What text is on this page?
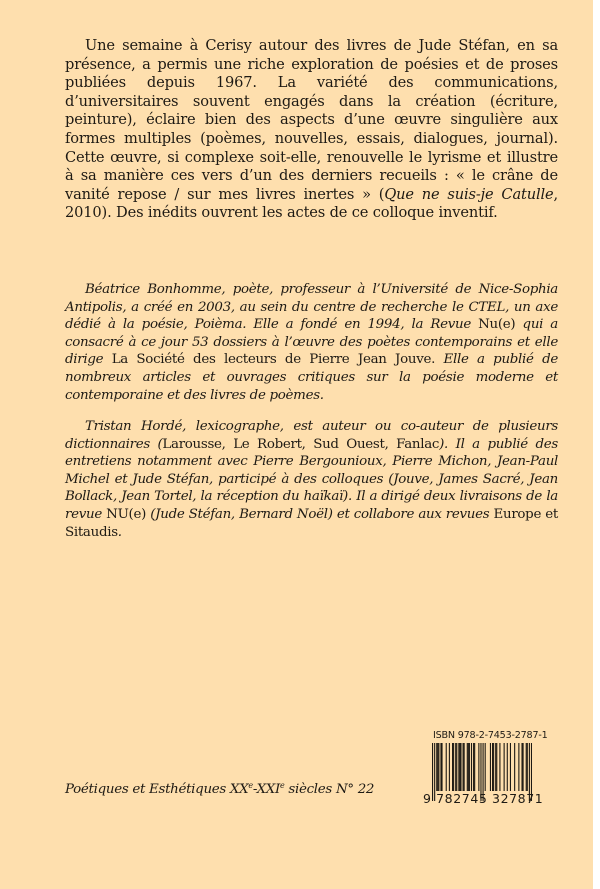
Une semaine à Cerisy autour des livres de Jude Stéfan, en sa présence, a permis une riche exploration de poésies et de proses publiées depuis 1967. La variété des communications, d’universitaires souvent engagés dans la création (écriture, peinture), éclaire bien des aspects d’une œuvre singulière aux formes multiples (poèmes, nouvelles, essais, dialogues, journal). Cette œuvre, si complexe soit-elle, renouvelle le lyrisme et illustre à sa manière ces vers d’un des derniers recueils : « le crâne de vanité repose / sur mes livres inertes » (Que ne suis-je Catulle, 2010). Des inédits ouvrent les actes de ce colloque inventif.

Béatrice Bonhomme, poète, professeur à l’Université de Nice-Sophia Antipolis, a créé en 2003, au sein du centre de recherche le CTEL, un axe dédié à la poésie, Poièma. Elle a fondé en 1994, la Revue Nu(e) qui a consacré à ce jour 53 dossiers à l’œuvre des poètes contemporains et elle dirige La Société des lecteurs de Pierre Jean Jouve. Elle a publié de nombreux articles et ouvrages critiques sur la poésie moderne et contemporaine et des livres de poèmes.

Tristan Hordé, lexicographe, est auteur ou co-auteur de plusieurs dictionnaires (Larousse, Le Robert, Sud Ouest, Fanlac). Il a publié des entretiens notamment avec Pierre Bergounioux, Pierre Michon, Jean-Paul Michel et Jude Stéfan, participé à des colloques (Jouve, James Sacré, Jean Bollack, Jean Tortel, la réception du haïkaï). Il a dirigé deux livraisons de la revue NU(e) (Jude Stéfan, Bernard Noël) et collabore aux revues Europe et Sitaudis.

Poétiques et Esthétiques XXe-XXIe siècles N° 22

ISBN 978-2-7453-2787-1
9 782745 327871
